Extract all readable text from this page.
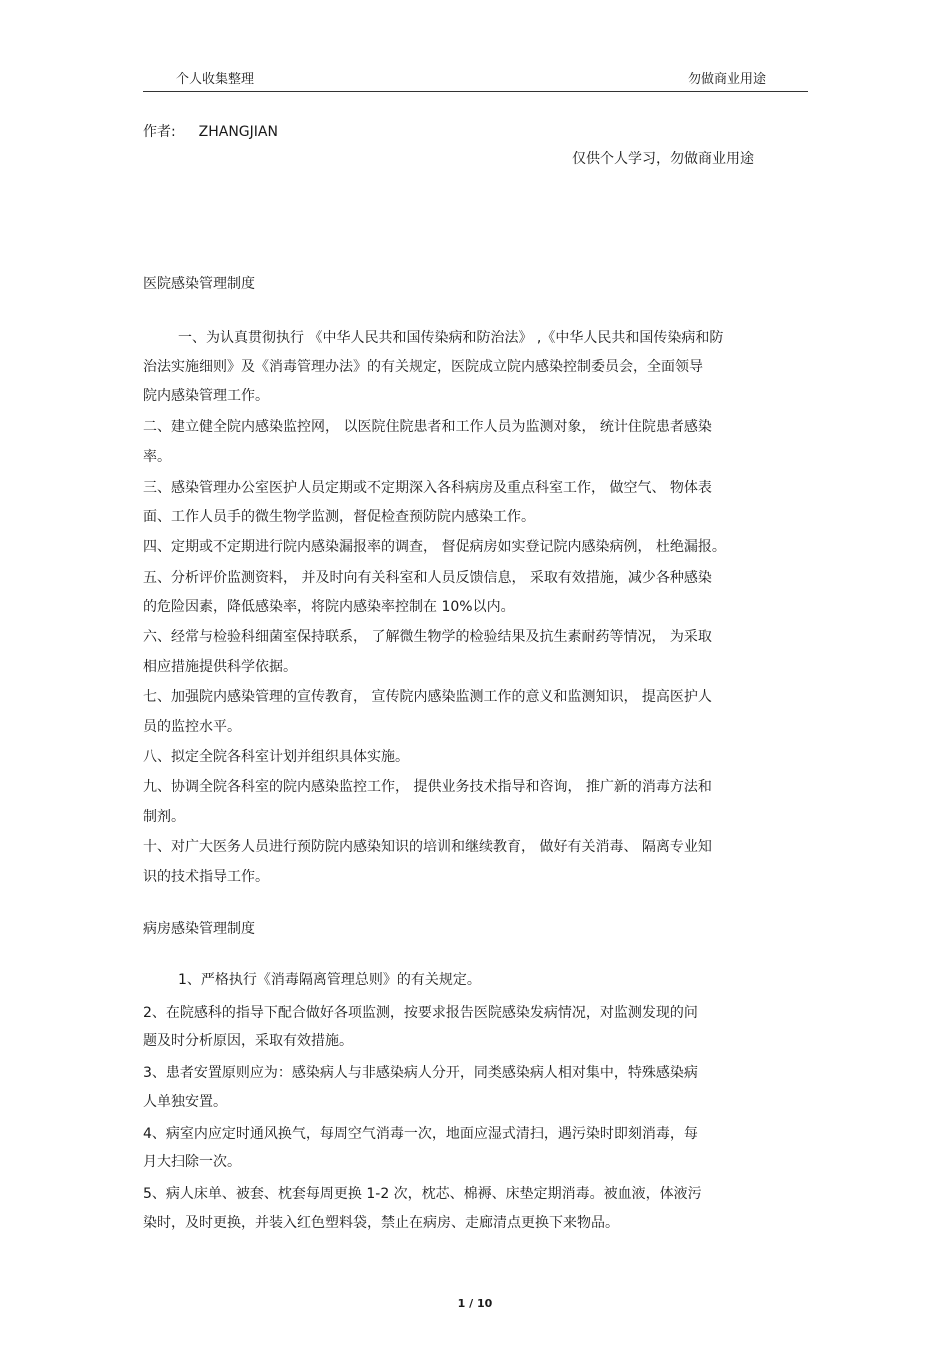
个人收集整理	勿做商业用途
作者: ZHANGJIAN
仅供个人学习，勿做商业用途
医院感染管理制度
一、为认真贯彻执行 《中华人民共和国传染病和防治法》 ,《中华人民共和国传染病和防
治法实施细则》及《消毒管理办法》的有关规定，医院成立院内感染控制委员会，全面领导
院内感染管理工作。
二、建立健全院内感染监控网， 以医院住院患者和工作人员为监测对象， 统计住院患者感染
率。
三、感染管理办公室医护人员定期或不定期深入各科病房及重点科室工作， 做空气、 物体表
面、工作人员手的微生物学监测，督促检查预防院内感染工作。
四、定期或不定期进行院内感染漏报率的调查， 督促病房如实登记院内感染病例， 杜绝漏报。
五、分析评价监测资料， 并及时向有关科室和人员反馈信息， 采取有效措施，减少各种感染
的危险因素，降低感染率，将院内感染率控制在 10%以内。
六、经常与检验科细菌室保持联系， 了解微生物学的检验结果及抗生素耐药等情况， 为采取
相应措施提供科学依据。
七、加强院内感染管理的宣传教育， 宣传院内感染监测工作的意义和监测知识， 提高医护人
员的监控水平。
八、拟定全院各科室计划并组织具体实施。
九、协调全院各科室的院内感染监控工作， 提供业务技术指导和咨询， 推广新的消毒方法和
制剂。
十、对广大医务人员进行预防院内感染知识的培训和继续教育， 做好有关消毒、 隔离专业知
识的技术指导工作。
病房感染管理制度
1、严格执行《消毒隔离管理总则》的有关规定。
2、在院感科的指导下配合做好各项监测，按要求报告医院感染发病情况，对监测发现的问
题及时分析原因，采取有效措施。
3、患者安置原则应为：感染病人与非感染病人分开，同类感染病人相对集中，特殊感染病
人单独安置。
4、病室内应定时通风换气，每周空气消毒一次，地面应湿式清扫，遇污染时即刻消毒，每
月大扫除一次。
5、病人床单、被套、枕套每周更换 1-2 次，枕芯、棉褥、床垫定期消毒。被血液，体液污
染时，及时更换，并装入红色塑料袋，禁止在病房、走廊清点更换下来物品。
1 / 10
